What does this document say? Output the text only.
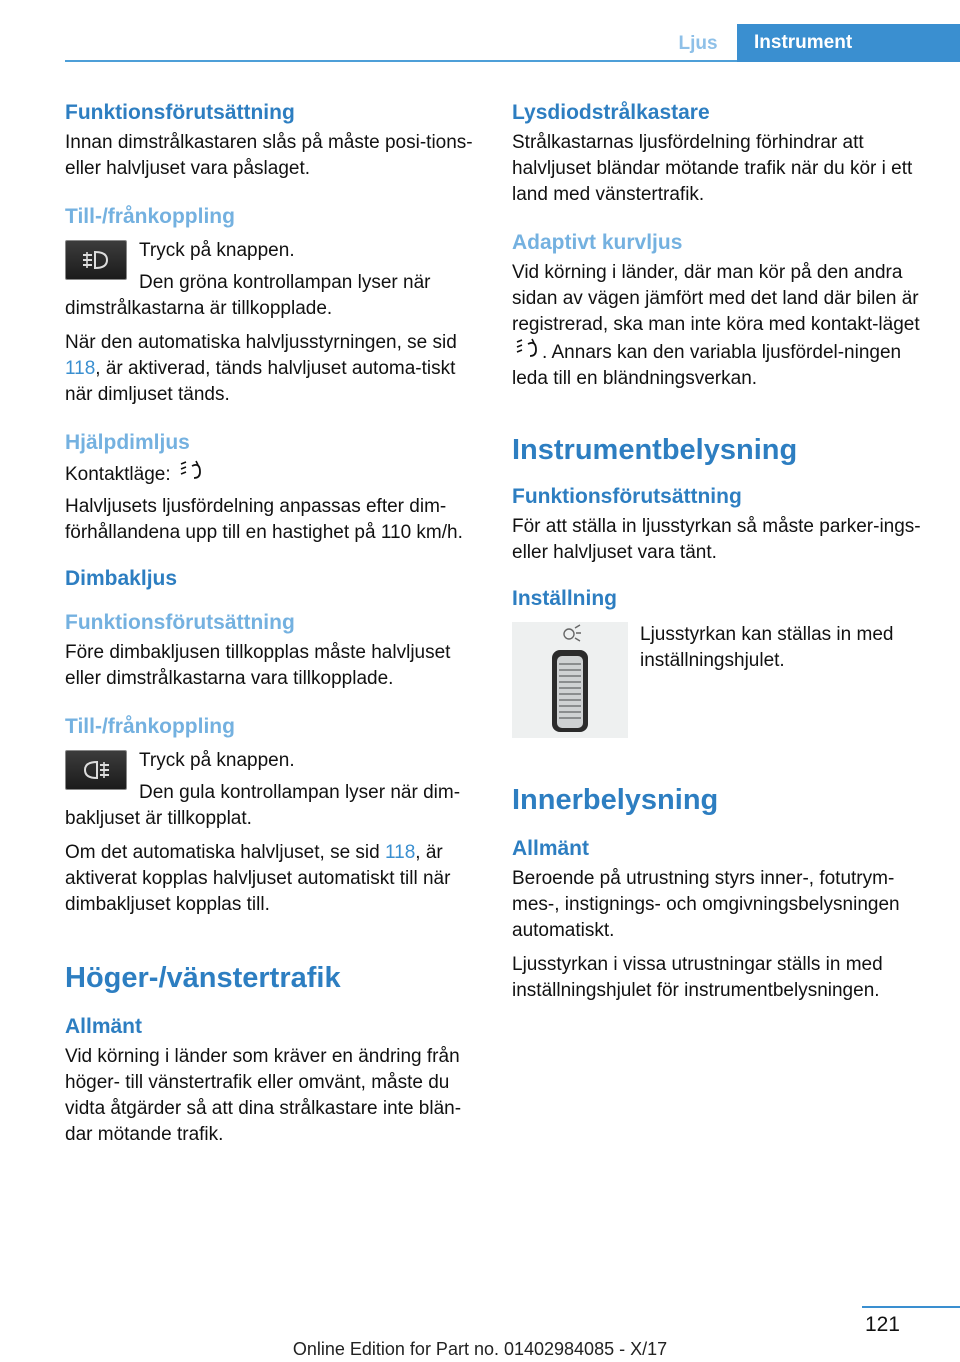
Ljus	Instrument
Funktionsförutsättning

Innan dimstrålkastaren slås på måste posi-tions- eller halvljuset vara påslaget.

Till-/frånkoppling

Tryck på knappen.

Den gröna kontrollampan lyser när dimstrålkastarna är tillkopplade.

När den automatiska halvljusstyrningen, se sid 118, är aktiverad, tänds halvljuset automa-tiskt när dimljuset tänds.

Hjälpdimljus

Kontaktläge:

Halvljusets ljusfördelning anpassas efter dim-förhållandena upp till en hastighet på 110 km/h.

Dimbakljus
Funktionsförutsättning

Före dimbakljusen tillkopplas måste halvljuset eller dimstrålkastarna vara tillkopplade.

Till-/frånkoppling

Tryck på knappen.

Den gula kontrollampan lyser när dim-bakljuset är tillkopplat.

Om det automatiska halvljuset, se sid 118, är aktiverat kopplas halvljuset automatiskt till när dimbakljuset kopplas till.

Höger-/vänstertrafik
Allmänt

Vid körning i länder som kräver en ändring från höger- till vänstertrafik eller omvänt, måste du vidta åtgärder så att dina strålkastare inte blän-dar mötande trafik.

Lysdiodstrålkastare

Strålkastarnas ljusfördelning förhindrar att halvljuset bländar mötande trafik när du kör i ett land med vänstertrafik.

Adaptivt kurvljus

Vid körning i länder, där man kör på den andra sidan av vägen jämfört med det land där bilen är registrerad, ska man inte köra med kontakt-läget . Annars kan den variabla ljusfördel-ningen leda till en bländningsverkan.

Instrumentbelysning
Funktionsförutsättning

För att ställa in ljusstyrkan så måste parker-ings- eller halvljuset vara tänt.

Inställning

Ljusstyrkan kan ställas in med inställningshjulet.

Innerbelysning
Allmänt

Beroende på utrustning styrs inner-, fotutrym-mes-, instignings- och omgivningsbelysningen automatiskt.

Ljusstyrkan i vissa utrustningar ställs in med inställningshjulet för instrumentbelysningen.

121
Online Edition for Part no. 01402984085 - X/17
